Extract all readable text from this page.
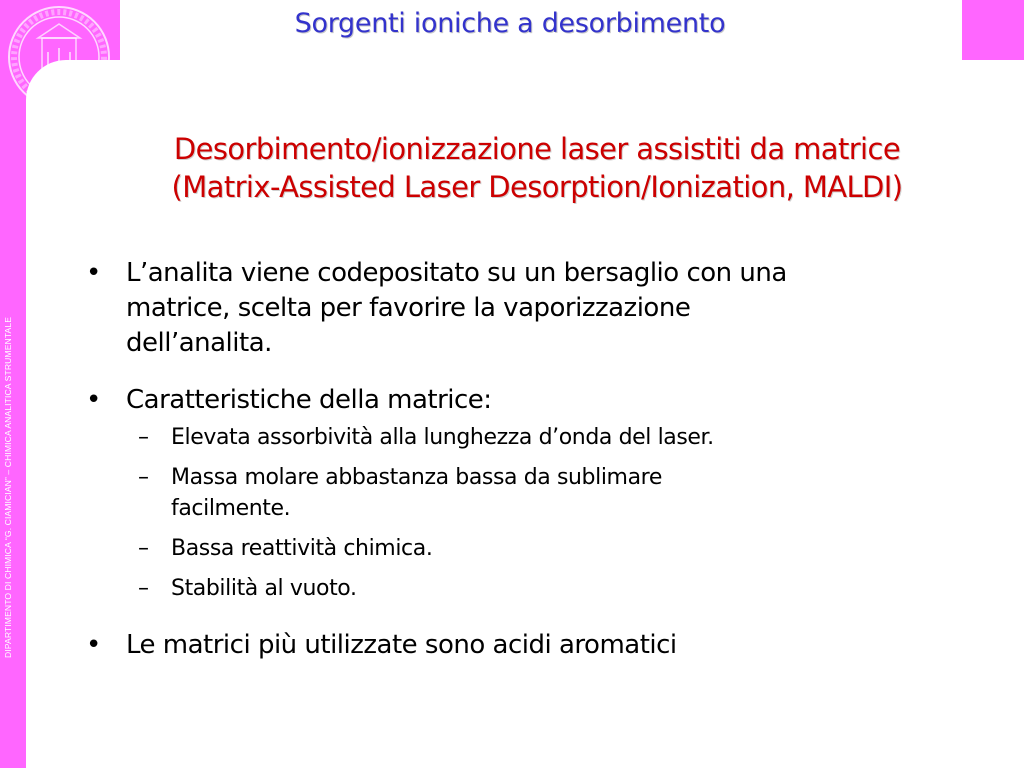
Sorgenti ioniche a desorbimento
DIPARTIMENTO DI CHIMICA “G. CIAMICIAN” – CHIMICA ANALITICA STRUMENTALE
Desorbimento/ionizzazione laser assistiti da matrice
(Matrix-Assisted Laser Desorption/Ionization, MALDI)
• L’analita viene codepositato su un bersaglio con una
matrice, scelta per favorire la vaporizzazione
dell’analita.
• Caratteristiche della matrice:
– Elevata assorbività alla lunghezza d’onda del laser.
– Massa molare abbastanza bassa da sublimare
facilmente.
– Bassa reattività chimica.
– Stabilità al vuoto.
• Le matrici più utilizzate sono acidi aromatici
